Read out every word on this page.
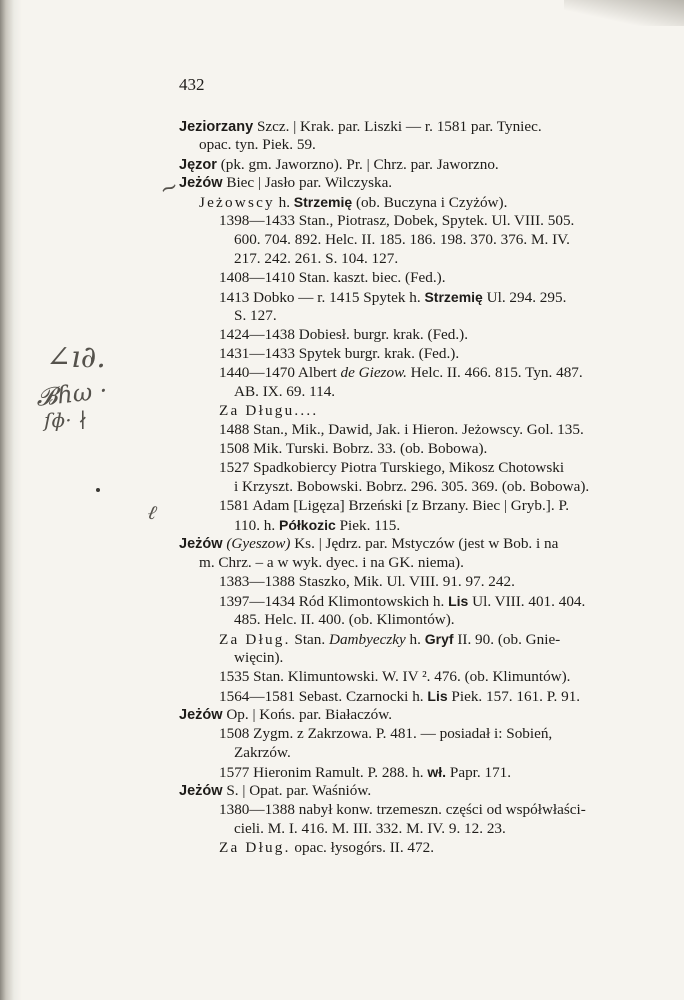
~
∠ı∂.
𝓑ɦω ·
ſɸ· ∤
ℓ
432
Jeziorzany Szcz. | Krak. par. Liszki — r. 1581 par. Tyniec.
opac. tyn. Piek. 59.
Jęzor (pk. gm. Jaworzno). Pr. | Chrz. par. Jaworzno.
Jeżów Biec | Jasło par. Wilczyska.
Jeżowscy h. Strzemię (ob. Buczyna i Czyżów).
1398—1433 Stan., Piotrasz, Dobek, Spytek. Ul. VIII. 505.
600. 704. 892. Helc. II. 185. 186. 198. 370. 376. M. IV.
217. 242. 261. S. 104. 127.
1408—1410 Stan. kaszt. biec. (Fed.).
1413 Dobko — r. 1415 Spytek h. Strzemię Ul. 294. 295.
S. 127.
1424—1438 Dobiesł. burgr. krak. (Fed.).
1431—1433 Spytek burgr. krak. (Fed.).
1440—1470 Albert de Giezow. Helc. II. 466. 815. Tyn. 487.
AB. IX. 69. 114.
Za Długu....
1488 Stan., Mik., Dawid, Jak. i Hieron. Jeżowscy. Gol. 135.
1508 Mik. Turski. Bobrz. 33. (ob. Bobowa).
1527 Spadkobiercy Piotra Turskiego, Mikosz Chotowski
i Krzyszt. Bobowski. Bobrz. 296. 305. 369. (ob. Bobowa).
1581 Adam [Ligęza] Brzeński [z Brzany. Biec | Gryb.]. P.
110. h. Półkozic Piek. 115.
Jeżów (Gyeszow) Ks. | Jędrz. par. Mstyczów (jest w Bob. i na
m. Chrz. – a w wyk. dyec. i na GK. niema).
1383—1388 Staszko, Mik. Ul. VIII. 91. 97. 242.
1397—1434 Ród Klimontowskich h. Lis Ul. VIII. 401. 404.
485. Helc. II. 400. (ob. Klimontów).
Za Dług. Stan. Dambyeczky h. Gryf II. 90. (ob. Gnie-
więcin).
1535 Stan. Klimuntowski. W. IV ². 476. (ob. Klimuntów).
1564—1581 Sebast. Czarnocki h. Lis Piek. 157. 161. P. 91.
Jeżów Op. | Końs. par. Białaczów.
1508 Zygm. z Zakrzowa. P. 481. — posiadał i: Sobień,
Zakrzów.
1577 Hieronim Ramult. P. 288. h. wł. Papr. 171.
Jeżów S. | Opat. par. Waśniów.
1380—1388 nabył konw. trzemeszn. części od współwłaści-
cieli. M. I. 416. M. III. 332. M. IV. 9. 12. 23.
Za Dług. opac. łysogórs. II. 472.
